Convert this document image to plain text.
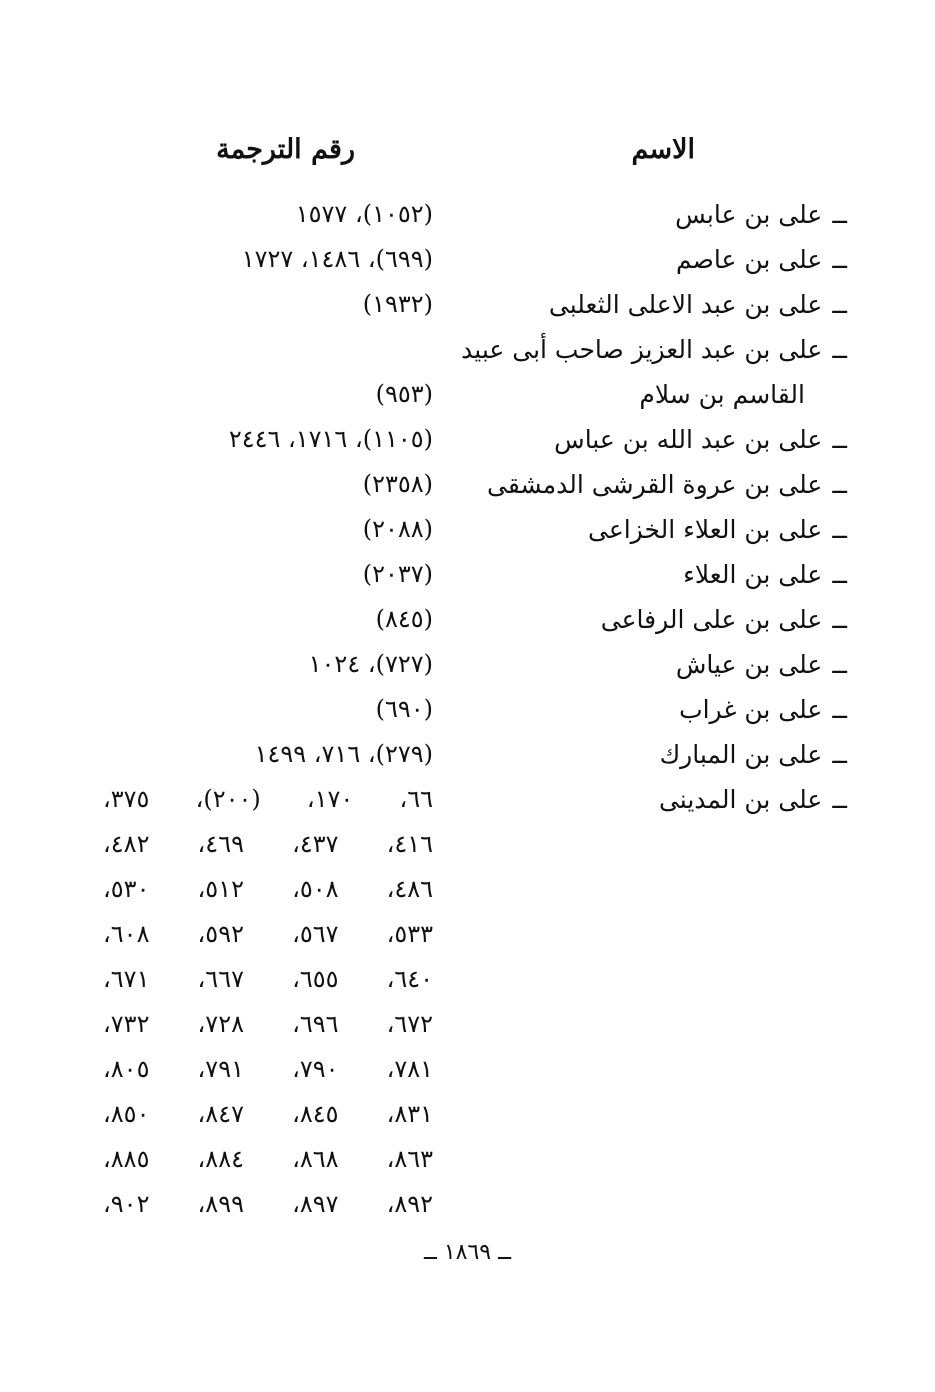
الاسم
رقم الترجمة
ــعلى بن عابس
ــعلى بن عاصم
ــعلى بن عبد الاعلى الثعلبى
ــعلى بن عبد العزيز صاحب أبى عبيد
القاسم بن سلام
ــعلى بن عبد الله بن عباس
ــعلى بن عروة القرشى الدمشقى
ــعلى بن العلاء الخزاعى
ــعلى بن العلاء
ــعلى بن على الرفاعى
ــعلى بن عياش
ــعلى بن غراب
ــعلى بن المبارك
ــعلى بن المدينى
(١٠٥٢)، ١٥٧٧
(٦٩٩)، ١٤٨٦، ١٧٢٧
(١٩٣٢)
(٩٥٣)
(١١٠٥)، ١٧١٦، ٢٤٤٦
(٢٣٥٨)
(٢٠٨٨)
(٢٠٣٧)
(٨٤٥)
(٧٢٧)، ١٠٢٤
(٦٩٠)
(٢٧٩)، ٧١٦، ١٤٩٩
٦٦،
١٧٠،
(٢٠٠)،
٣٧٥،
٤١٦،
٤٣٧،
٤٦٩،
٤٨٢،
٤٨٦،
٥٠٨،
٥١٢،
٥٣٠،
٥٣٣،
٥٦٧،
٥٩٢،
٦٠٨،
٦٤٠،
٦٥٥،
٦٦٧،
٦٧١،
٦٧٢،
٦٩٦،
٧٢٨،
٧٣٢،
٧٨١،
٧٩٠،
٧٩١،
٨٠٥،
٨٣١،
٨٤٥،
٨٤٧،
٨٥٠،
٨٦٣،
٨٦٨،
٨٨٤،
٨٨٥،
٨٩٢،
٨٩٧،
٨٩٩،
٩٠٢،
ــ ١٨٦٩ ــ
